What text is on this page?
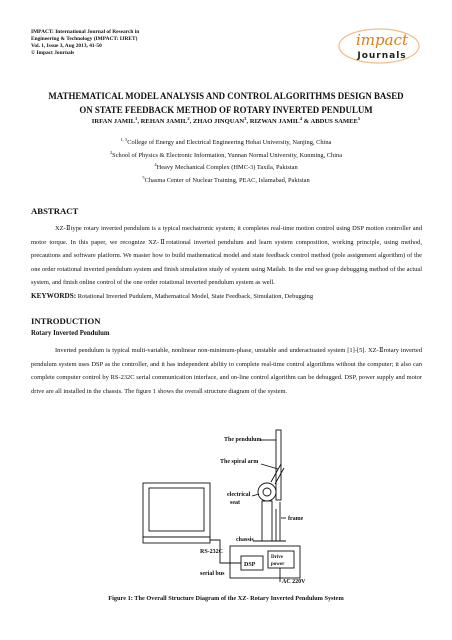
IMPACT: International Journal of Research in
Engineering & Technology (IMPACT: IJRET)
Vol. 1, Issue 3, Aug 2013, 41-50
© Impact Journals
impact
Journals
MATHEMATICAL MODEL ANALYSIS AND CONTROL ALGORITHMS DESIGN BASED
ON STATE FEEDBACK METHOD OF ROTARY INVERTED PENDULUM
IRFAN JAMIL$^1$, REHAN JAMIL$^2$, ZHAO JINQUAN$^3$, RIZWAN JAMIL$^4$ & ABDUS SAMEE$^5$
$^{1, 3}$College of Energy and Electrical Engineering Hohai University, Nanjing, China
$^2$School of Physics & Electronic Information, Yunnan Normal University, Kunming, China
$^4$Heavy Mechanical Complex (HMC-3) Taxila, Pakistan
$^5$Chasma Center of Nuclear Training, PEAC, Islamabad, Pakistan
ABSTRACT

XZ-Ⅱtype rotary inverted pendulum is a typical mechatronic system; it completes real-time motion control using DSP motion controller and motor torque. In this paper, we recognize XZ-Ⅱrotational inverted pendulum and learn system composition, working principle, using method, precautions and software platform. We master how to build mathematical model and state feedback control method (pole assignment algorithm) of the one order rotational inverted pendulum system and finish simulation study of system using Matlab. In the end we grasp debugging method of the actual system, and finish online control of the one order rotational inverted pendulum system as well.

KEYWORDS: Rotational Inverted Pudulem, Mathematical Model, State Feedback, Simulation, Debugging
INTRODUCTION
Rotary Inverted Pendulum

Inverted pendulum is typical multi-variable, nonlinear non-minimum-phase, unstable and underactuated system [1]-[5]. XZ-Ⅱrotary inverted pendulum system uses DSP as the controller, and it has independent ability to complete real-time control algorithms without the computer; it also can complete computer control by RS-232C serial communication interface, and on-line control algorithm can be debugged. DSP, power supply and motor drive are all installed in the chassis. The figure 1 shows the overall structure diagram of the system.

The pendulum
The spiral arm
electrical
seat
frame
chassis
RS-232C
serial bus
DSP
Drive
power
AC 220V
Figure 1: The Overall Structure Diagram of the XZ- Rotary Inverted Pendulum System
